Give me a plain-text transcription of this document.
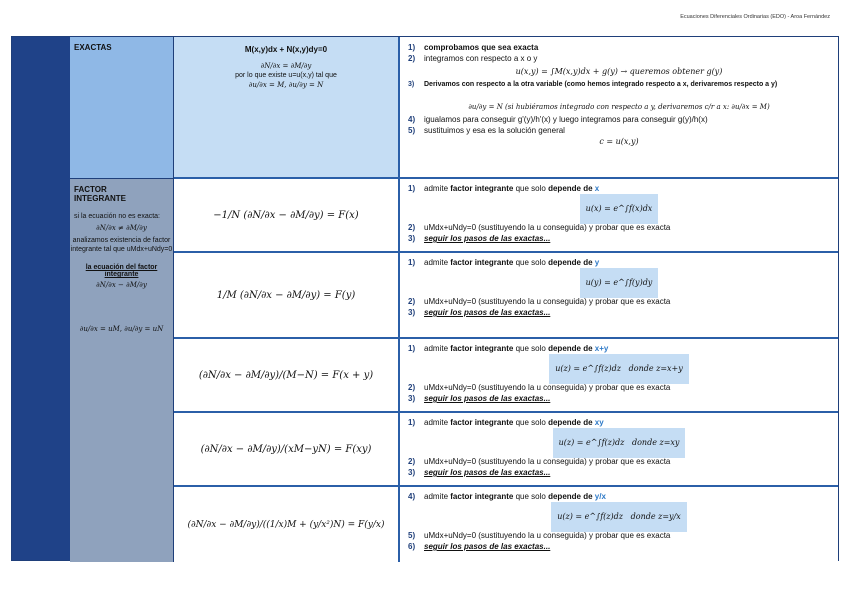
Ecuaciones Diferenciales Ordinarias (EDO) - Aroa Fernández
EXACTAS	M(x,y)dx + N(x,y)dy=0
∂N/∂x = ∂M/∂y
por lo que existe u=u(x,y) tal que
∂u/∂x = M, ∂u/∂y = N
1) comprobamos que sea exacta
2) integramos con respecto a x o y
u(x,y) = ∫M(x,y)dx + g(y) → queremos obtener g(y)
3) Derivamos con respecto a la otra variable (como hemos integrado respecto a x, derivaremos respecto a y)
∂u/∂y = N (si hubiéramos integrado con respecto a y, derivaremos c/r a x: ∂u/∂x = M)
4) igualamos para conseguir g'(y)/h'(x) y luego integramos para conseguir g(y)/h(x)
5) sustituimos y esa es la solución general
c = u(x,y)
FACTOR INTEGRANTE
si la ecuación no es exacta:
∂N/∂x ≠ ∂M/∂y
analizamos existencia de factor integrante tal que uMdx+uNdy=0
la ecuación del factor integrante
∂N/∂x − ∂M/∂y
∂u/∂x = uM, ∂u/∂y = uN
−1/N (∂N/∂x − ∂M/∂y) = F(x)
1/M (∂N/∂x − ∂M/∂y) = F(y)
(∂N/∂x − ∂M/∂y)/(M−N) = F(x + y)
(∂N/∂x − ∂M/∂y)/(xM−yN) = F(xy)
(∂N/∂x − ∂M/∂y)/((1/x)M + (y/x²)N) = F(y/x)
1) admite factor integrante que solo depende de x
u(x) = e^∫f(x)dx
2) uMdx+uNdy=0 (sustituyendo la u conseguida) y probar que es exacta
3) seguir los pasos de las exactas...
1) admite factor integrante que solo depende de y
u(y) = e^∫f(y)dy
2) uMdx+uNdy=0 (sustituyendo la u conseguida) y probar que es exacta
3) seguir los pasos de las exactas...
1) admite factor integrante que solo depende de x+y
u(z) = e^∫f(z)dz donde z=x+y
2) uMdx+uNdy=0 (sustituyendo la u conseguida) y probar que es exacta
3) seguir los pasos de las exactas...
1) admite factor integrante que solo depende de xy
u(z) = e^∫f(z)dz donde z=xy
2) uMdx+uNdy=0 (sustituyendo la u conseguida) y probar que es exacta
3) seguir los pasos de las exactas...
4) admite factor integrante que solo depende de y/x
u(z) = e^∫f(z)dz donde z=y/x
5) uMdx+uNdy=0 (sustituyendo la u conseguida) y probar que es exacta
6) seguir los pasos de las exactas...
